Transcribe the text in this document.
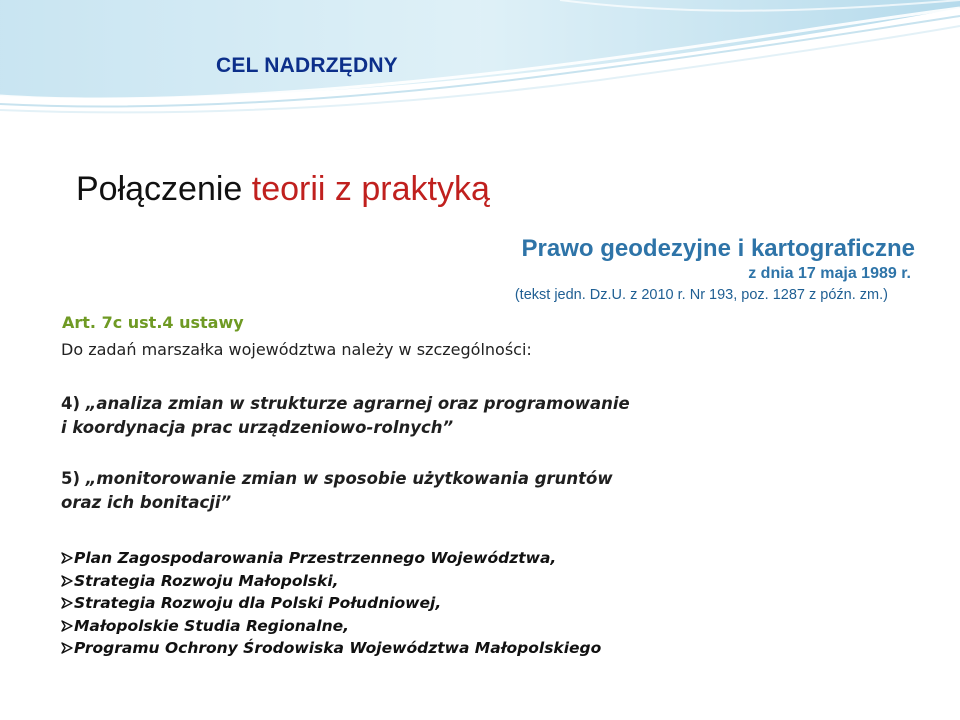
CEL NADRZĘDNY
Połączenie teorii z praktyką
Prawo geodezyjne i kartograficzne
z dnia 17 maja 1989 r.
(tekst jedn. Dz.U. z 2010 r. Nr 193, poz. 1287 z późn. zm.)
Art. 7c ust.4 ustawy
Do zadań marszałka województwa należy w szczególności:
4) „analiza zmian w strukturze agrarnej oraz programowanie
i koordynacja prac urządzeniowo-rolnych”
5) „monitorowanie zmian w sposobie użytkowania gruntów
oraz ich bonitacji”
Plan Zagospodarowania Przestrzennego Województwa,
Strategia Rozwoju Małopolski,
Strategia Rozwoju dla Polski Południowej,
Małopolskie Studia Regionalne,
Programu Ochrony Środowiska Województwa Małopolskiego
